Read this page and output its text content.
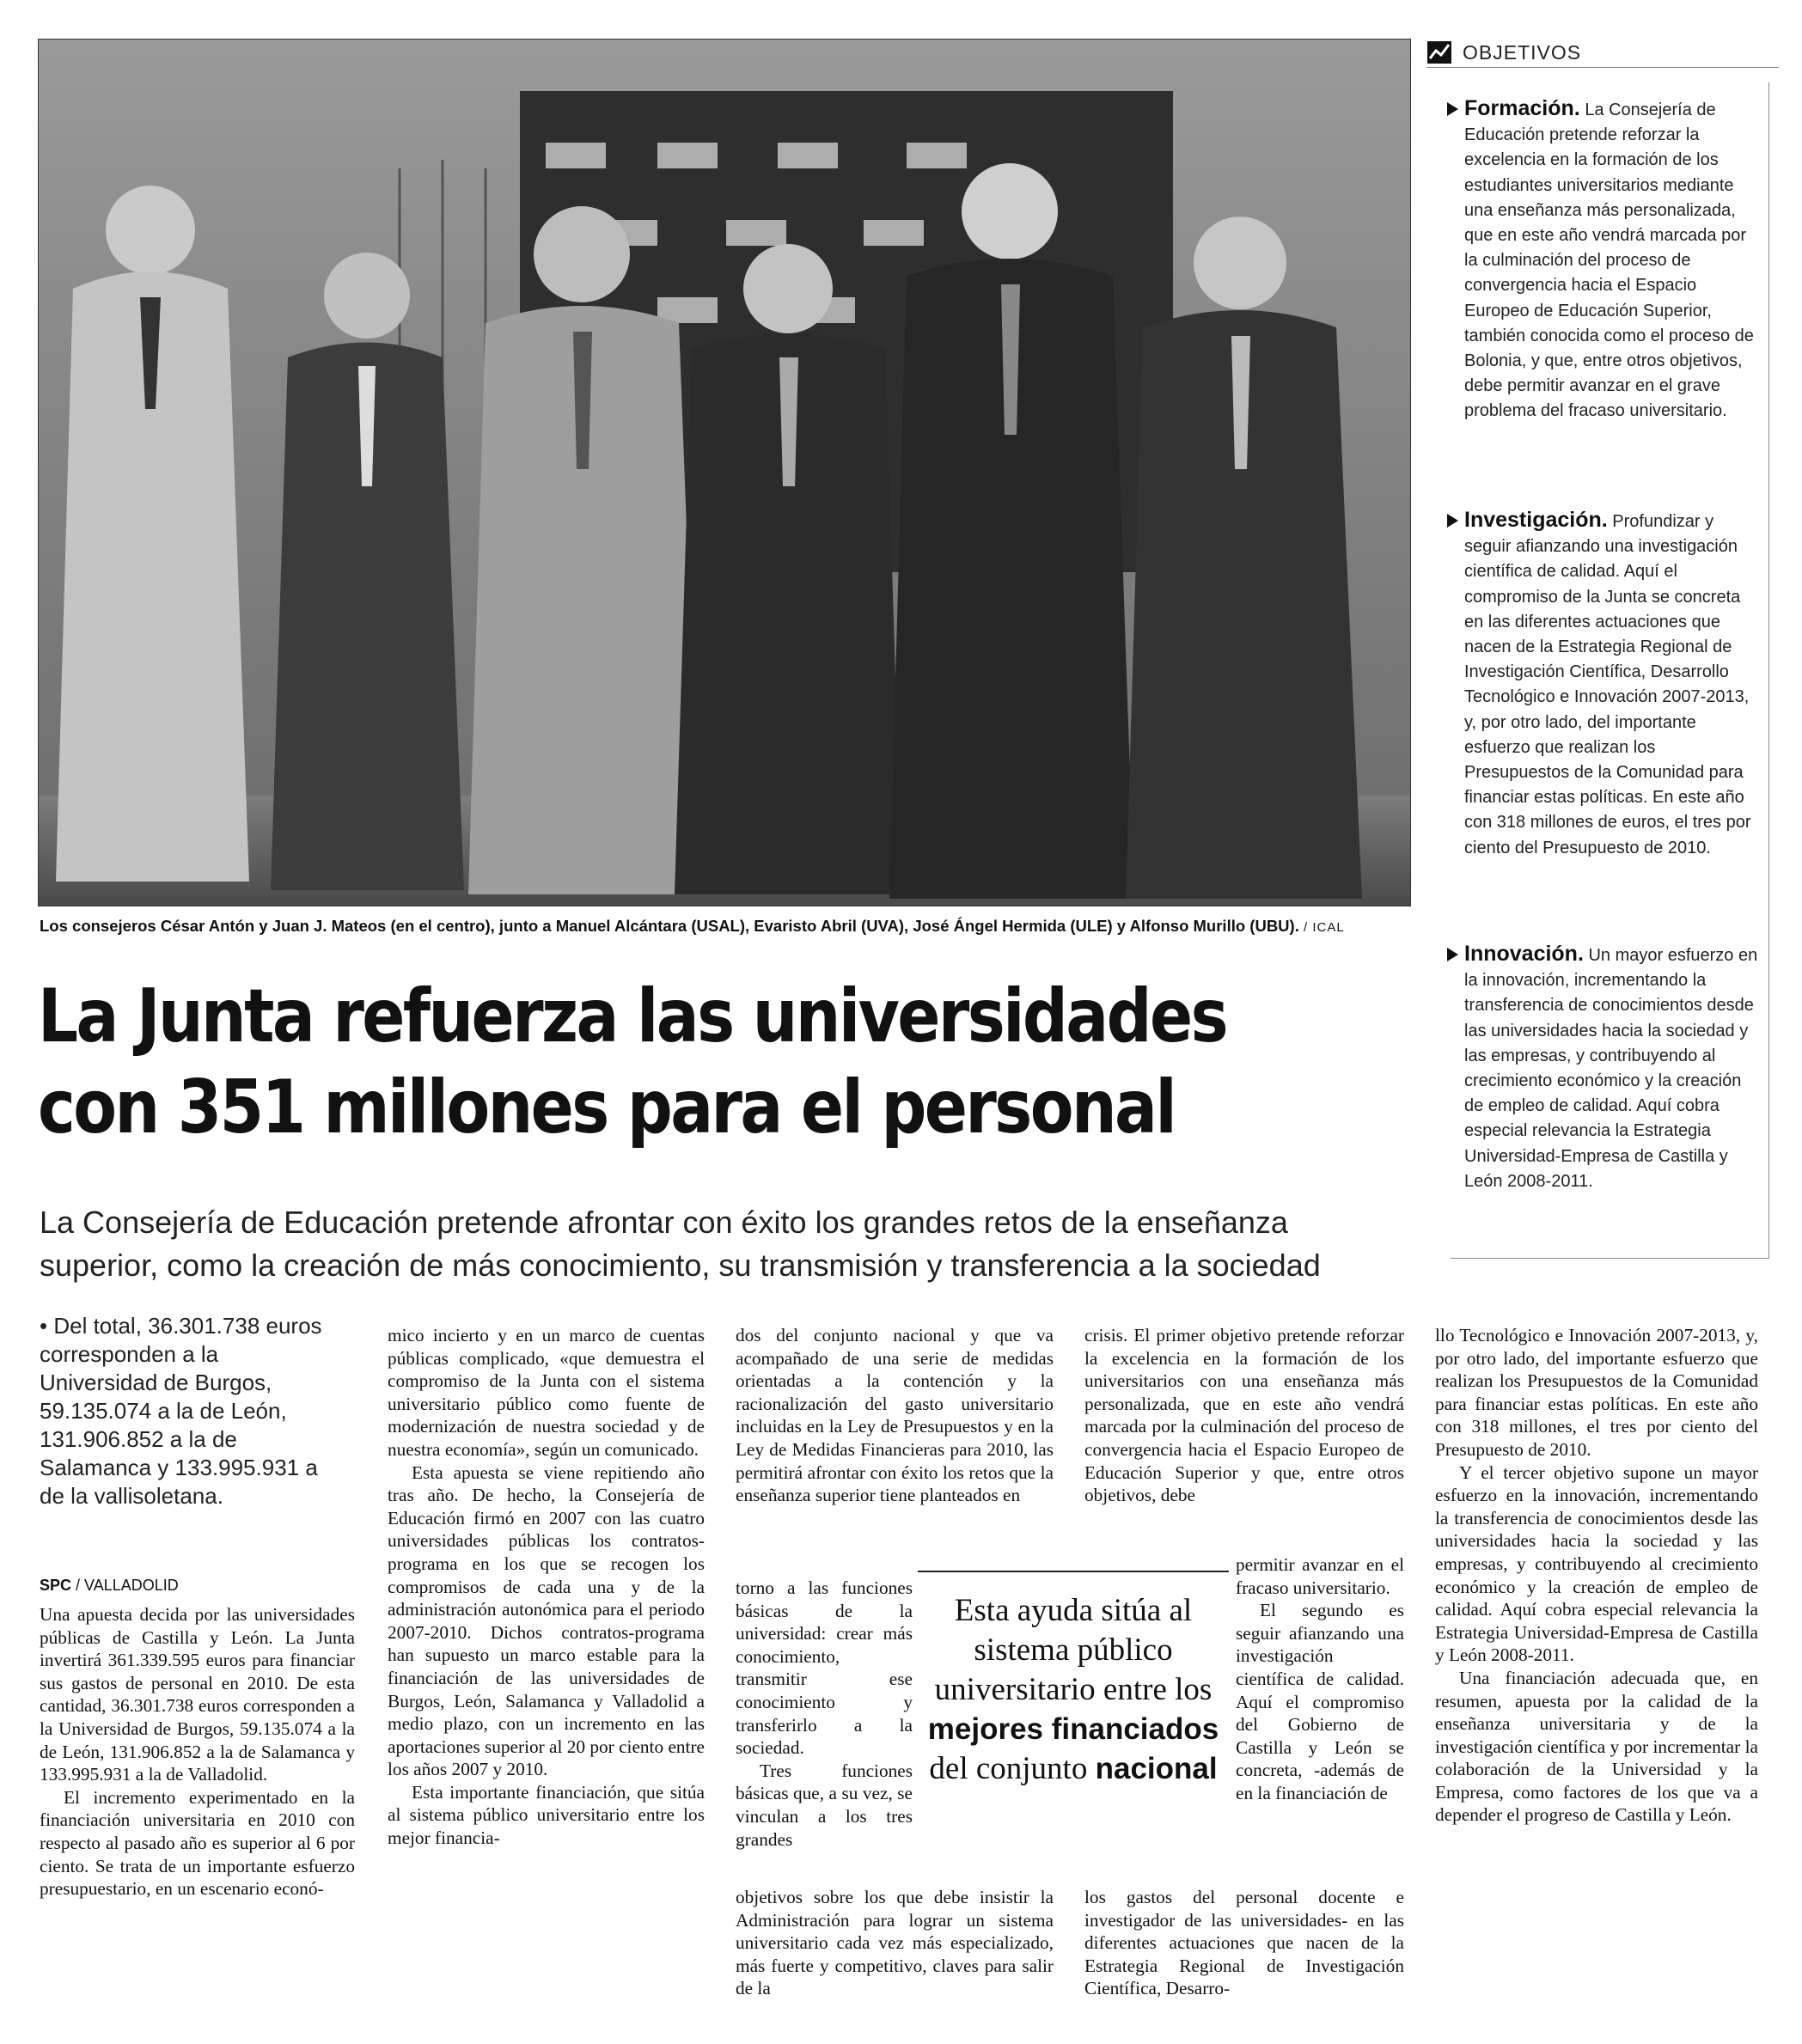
Los consejeros César Antón y Juan J. Mateos (en el centro), junto a Manuel Alcántara (USAL), Evaristo Abril (UVA), José Ángel Hermida (ULE) y Alfonso Murillo (UBU). / ICAL
La Junta refuerza las universidades
con 351 millones para el personal
La Consejería de Educación pretende afrontar con éxito los grandes retos de la enseñanza superior, como la creación de más conocimiento, su transmisión y transferencia a la sociedad
OBJETIVOS
Formación. La Consejería de Educación pretende reforzar la excelencia en la formación de los estudiantes universitarios mediante una enseñanza más personalizada, que en este año vendrá marcada por la culminación del proceso de convergencia hacia el Espacio Europeo de Educación Superior, también conocida como el proceso de Bolonia, y que, entre otros objetivos, debe permitir avanzar en el grave problema del fracaso universitario.
Investigación. Profundizar y seguir afianzando una investigación científica de calidad. Aquí el compromiso de la Junta se concreta en las diferentes actuaciones que nacen de la Estrategia Regional de Investigación Científica, Desarrollo Tecnológico e Innovación 2007-2013, y, por otro lado, del importante esfuerzo que realizan los Presupuestos de la Comunidad para financiar estas políticas. En este año con 318 millones de euros, el tres por ciento del Presupuesto de 2010.
Innovación. Un mayor esfuerzo en la innovación, incrementando la transferencia de conocimientos desde las universidades hacia la sociedad y las empresas, y contribuyendo al crecimiento económico y la creación de empleo de calidad. Aquí cobra especial relevancia la Estrategia Universidad-Empresa de Castilla y León 2008-2011.
• Del total, 36.301.738 euros corresponden a la Universidad de Burgos, 59.135.074 a la de León, 131.906.852 a la de Salamanca y 133.995.931 a de la vallisoletana.
SPC / VALLADOLID

Una apuesta decida por las universidades públicas de Castilla y León. La Junta invertirá 361.339.595 euros para financiar sus gastos de personal en 2010. De esta cantidad, 36.301.738 euros corresponden a la Universidad de Burgos, 59.135.074 a la de León, 131.906.852 a la de Salamanca y 133.995.931 a la de Valladolid.

El incremento experimentado en la financiación universitaria en 2010 con respecto al pasado año es superior al 6 por ciento. Se trata de un importante esfuerzo presupuestario, en un escenario econó-

mico incierto y en un marco de cuentas públicas complicado, «que demuestra el compromiso de la Junta con el sistema universitario público como fuente de modernización de nuestra sociedad y de nuestra economía», según un comunicado.

Esta apuesta se viene repitiendo año tras año. De hecho, la Consejería de Educación firmó en 2007 con las cuatro universidades públicas los contratos-programa en los que se recogen los compromisos de cada una y de la administración autonómica para el periodo 2007-2010. Dichos contratos-programa han supuesto un marco estable para la financiación de las universidades de Burgos, León, Salamanca y Valladolid a medio plazo, con un incremento en las aportaciones superior al 20 por ciento entre los años 2007 y 2010.

Esta importante financiación, que sitúa al sistema público universitario entre los mejor financia-

dos del conjunto nacional y que va acompañado de una serie de medidas orientadas a la contención y la racionalización del gasto universitario incluidas en la Ley de Presupuestos y en la Ley de Medidas Financieras para 2010, las permitirá afrontar con éxito los retos que la enseñanza superior tiene planteados en

torno a las funciones básicas de la universidad: crear más conocimiento, transmitir ese conocimiento y transferirlo a la sociedad.

Tres funciones básicas que, a su vez, se vinculan a los tres grandes

objetivos sobre los que debe insistir la Administración para lograr un sistema universitario cada vez más especializado, más fuerte y competitivo, claves para salir de la

crisis. El primer objetivo pretende reforzar la excelencia en la formación de los universitarios con una enseñanza más personalizada, que en este año vendrá marcada por la culminación del proceso de convergencia hacia el Espacio Europeo de Educación Superior y que, entre otros objetivos, debe

permitir avanzar en el fracaso universitario.

El segundo es seguir afianzando una investigación científica de calidad. Aquí el compromiso del Gobierno de Castilla y León se concreta, -además de en la financiación de

los gastos del personal docente e investigador de las universidades- en las diferentes actuaciones que nacen de la Estrategia Regional de Investigación Científica, Desarro-

llo Tecnológico e Innovación 2007-2013, y, por otro lado, del importante esfuerzo que realizan los Presupuestos de la Comunidad para financiar estas políticas. En este año con 318 millones, el tres por ciento del Presupuesto de 2010.

Y el tercer objetivo supone un mayor esfuerzo en la innovación, incrementando la transferencia de conocimientos desde las universidades hacia la sociedad y las empresas, y contribuyendo al crecimiento económico y la creación de empleo de calidad. Aquí cobra especial relevancia la Estrategia Universidad-Empresa de Castilla y León 2008-2011.

Una financiación adecuada que, en resumen, apuesta por la calidad de la enseñanza universitaria y de la investigación científica y por incrementar la colaboración de la Universidad y la Empresa, como factores de los que va a depender el progreso de Castilla y León.

Esta ayuda sitúa al sistema público universitario entre los mejores financiados del conjunto nacional
